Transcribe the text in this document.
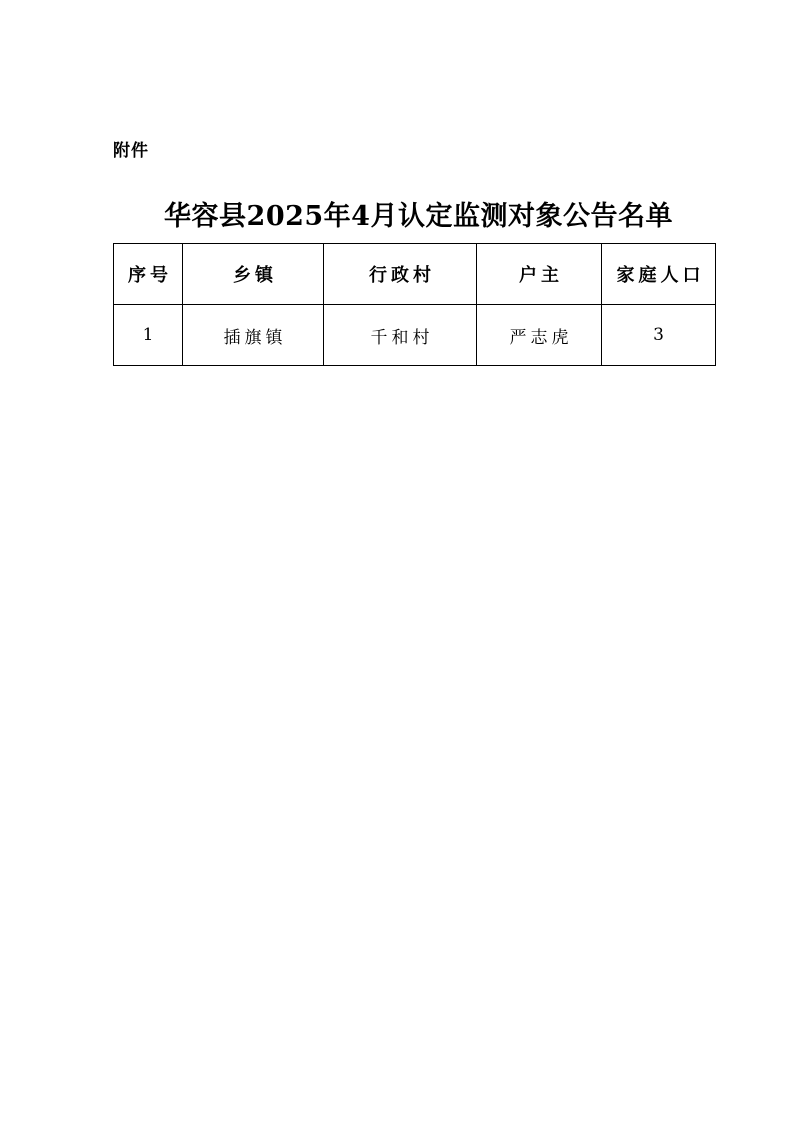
附件
华容县2025年4月认定监测对象公告名单
序号	乡镇	行政村	户主	家庭人口
1	插旗镇	千和村	严志虎	3
